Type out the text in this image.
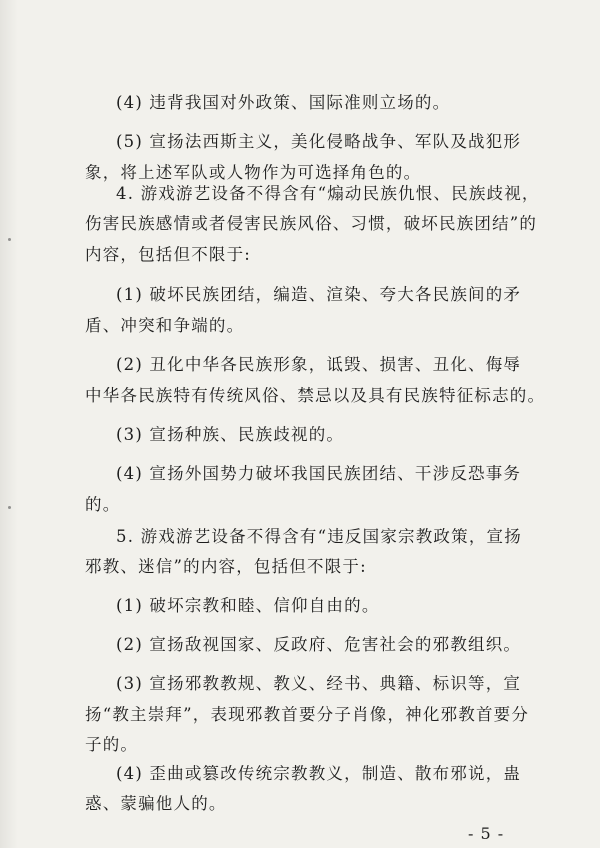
(4) 违背我国对外政策、国际准则立场的。
(5) 宣扬法西斯主义，美化侵略战争、军队及战犯形
象，将上述军队或人物作为可选择角色的。
4. 游戏游艺设备不得含有“煽动民族仇恨、民族歧视，
伤害民族感情或者侵害民族风俗、习惯，破坏民族团结”的
内容，包括但不限于:
(1) 破坏民族团结，编造、渲染、夸大各民族间的矛
盾、冲突和争端的。
(2) 丑化中华各民族形象，诋毁、损害、丑化、侮辱
中华各民族特有传统风俗、禁忌以及具有民族特征标志的。
(3) 宣扬种族、民族歧视的。
(4) 宣扬外国势力破坏我国民族团结、干涉反恐事务
的。
5. 游戏游艺设备不得含有“违反国家宗教政策，宣扬
邪教、迷信”的内容，包括但不限于:
(1) 破坏宗教和睦、信仰自由的。
(2) 宣扬敌视国家、反政府、危害社会的邪教组织。
(3) 宣扬邪教教规、教义、经书、典籍、标识等，宣
扬“教主崇拜”，表现邪教首要分子肖像，神化邪教首要分
子的。
(4) 歪曲或篡改传统宗教教义，制造、散布邪说，蛊
惑、蒙骗他人的。
- 5 -
